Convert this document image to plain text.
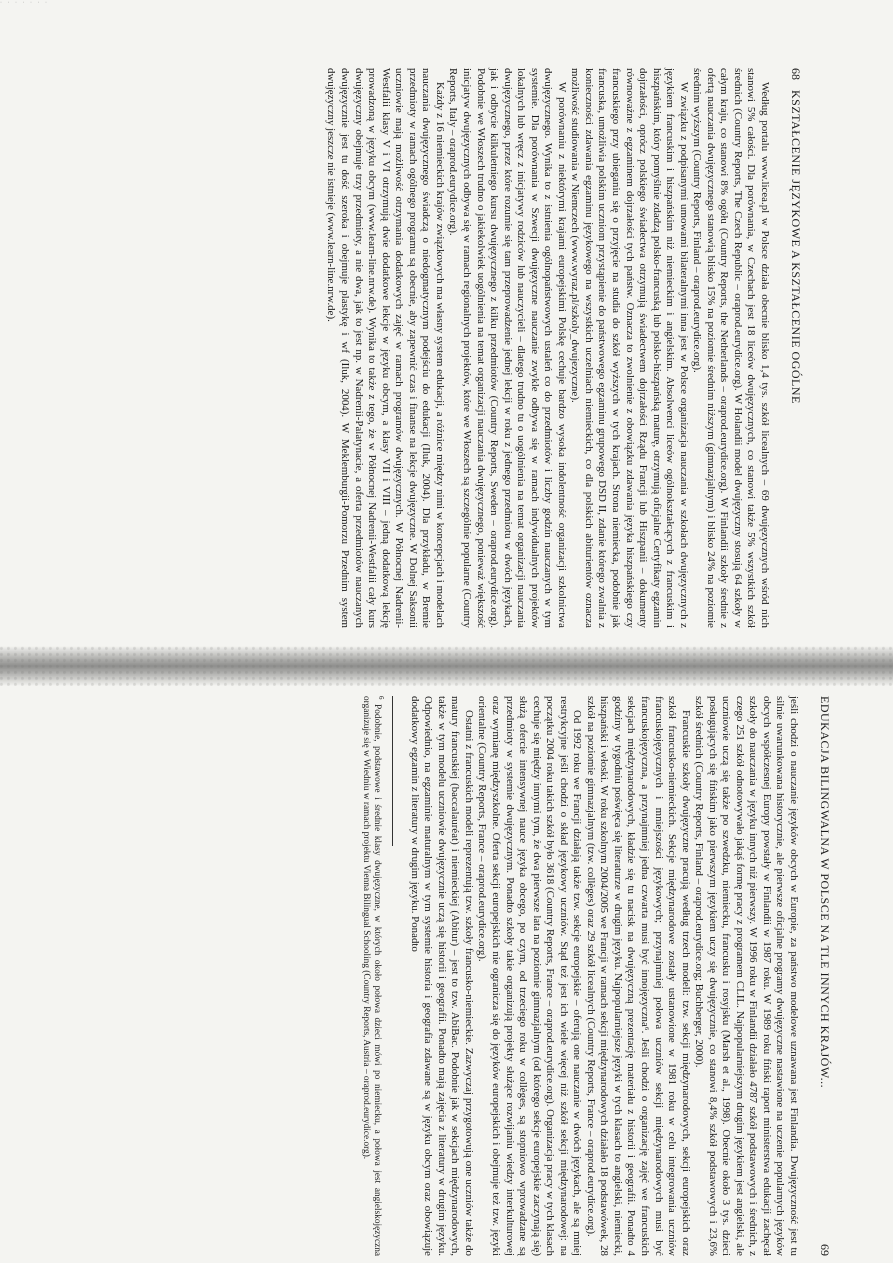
· · · · · · ·
68
KSZTAŁCENIE JĘZYKOWE A KSZTAŁCENIE OGÓLNE

Według portalu www.licea.pl w Polsce działa obecnie blisko 1,4 tys. szkół licealnych – 69 dwujęzycznych wśród nich stanowi 5% całości. Dla porównania, w Czechach jest 18 liceów dwujęzycznych, co stanowi także 5% wszystkich szkół średnich (Country Reports, The Czech Republic – oraprod.eurydice.org). W Holandii model dwujęzyczny stosują 64 szkoły w całym kraju, co stanowi 8% ogółu (Country Reports, the Netherlands – oraprod.eurydice.org). W Finlandii szkoły średnie z ofertą nauczania dwujęzycznego stanowią blisko 15% na poziomie średnim niższym (gimnazjalnym) i blisko 24% na poziomie średnim wyższym (Country Reports, Finland – oraprod.eurydice.org).

W związku z podpisanymi umowami bilateralnymi inna jest w Polsce organizacja nauczania w szkołach dwujęzycznych z językiem francuskim i hiszpańskim niż niemieckim i angielskim. Absolwenci liceów ogólnokształcących z francuskim i hiszpańskim, który pomyślnie zdadzą polsko-francuską lub polsko-hiszpańską maturę, otrzymują oficjalne Certyfikaty egzamin dojrzałości, oprócz polskiego świadectwa otrzymują świadectwem dojrzałości Rządu Francji lub Hiszpanii – dokumenty równoważne z egzaminem dojrzałości tych państw. Oznacza to zwolnienie z obowiązku zdawania języka hiszpańskiego czy francuskiego przy ubieganiu się o przyjęcie na studia do szkół wyższych w tych krajach. Strona niemiecka, podobnie jak francuska, umożliwia polskim uczniom przystąpienie do państwowego egzaminu grupowego DSD II, zdanie którego zwalnia z konieczności zdawania egzaminu językowego na wszystkich uczelniach niemieckich, co dla polskich abiturientów oznacza możliwość studiowania w Niemczech (www.wyraz.pl/szkoly_dwujezyczne).

W porównaniu z niektórymi krajami europejskimi Polskę cechuje bardzo wysoka indolentność organizacji szkolnictwa dwujęzycznego. Wynika to z istnienia ogólnopaństwowych ustaleń co do przedmiotów i liczby godzin nauczanych w tym systemie. Dla porównania w Szwecji dwujęzyczne nauczanie zwykle odbywa się w ramach indywidualnych projektów lokalnych lub wręcz z inicjatywy rodziców lub nauczycieli – dlatego trudno tu o uogólnienia na temat organizacji nauczania dwujęzycznego, przez które rozumie się tam przeprowadzenie jednej lekcji w roku z jednego przedmiotu w dwóch językach, jak i odbycie kilkuletniego kursu dwujęzycznego z kilku przedmiotów (Country Reports, Sweden – oraprod.eurydice.org). Podobnie we Włoszech trudno o jakiekolwiek uogólnienia na temat organizacji nauczania dwujęzycznego, ponieważ większość inicjatyw dwujęzycznych odbywa się w ramach regionalnych projektów, które we Włoszech są szczególnie popularne (Country Reports, Italy – oraprod.eurydice.org).

Każdy z 16 niemieckich krajów związkowych ma własny system edukacji, a różnice między nimi w koncepcjach i modelach nauczania dwujęzycznego świadczą o niedogmatycznym podejściu do edukacji (Iluk, 2004). Dla przykładu, w Bremie przedmioty w ramach ogólnego programu są obecnie, aby zapewnić czas i finanse na lekcje dwujęzyczne. W Dolnej Saksonii uczniowie mają możliwość otrzymania dodatkowych zajęć w ramach programów dwujęzycznych. W Północnej Nadrenii-Westfalii klasy V i VI otrzymują dwie dodatkowe lekcje w języku obcym, a klasy VII i VIII – jedną dodatkową lekcję prowadzoną w języku obcym (www.learn-line.nrw.de). Wynika to także z tego, że w Północnej Nadrenii-Westfalii cały kurs dwujęzyczny obejmuje trzy przedmioty, a nie dwa, jak to jest np. w Nadrenii-Palatynacie, a oferta przedmiotów nauczanych dwujęzycznie jest tu dość szeroka i obejmuje plastykę i wf (Iluk, 2004). W Meklemburgii-Pomorzu Przednim system dwujęzyczny jeszcze nie istnieje (www.learn-line.nrw.de).

EDUKACJA BILINGWALNA W POLSCE NA TLE INNYCH KRAJÓW...
69

jeśli chodzi o nauczanie języków obcych w Europie, za państwo modelowe uznawana jest Finlandia. Dwujęzyczność jest tu silnie uwarunkowana historycznie, ale pierwsze oficjalne programy dwujęzyczne nastawione na uczenie popularnych języków obcych współczesnej Europy powstały w Finlandii w 1987 roku. W 1989 roku fiński raport ministerstwa edukacji zachęcał szkoły do nauczania w języku innych niż pierwszy. W 1996 roku w Finlandii działało 4787 szkół podstawowych i średnich, z czego 251 szkół odnotowywało jakąś formę pracy z programem CLIL. Najpopularniejszym drugim językiem jest angielski, ale uczniowie uczą się także po szwedzku, niemiecku, francusku i rosyjsku (Marsh et al., 1998). Obecnie około 3 tys. dzieci posługujących się fińskim jako pierwszym językiem uczy się dwujęzycznie, co stanowi 8,4% szkół podstawowych i 23,6% szkół średnich (Country Reports, Finland – oraprod.eurydice.org; Buchberger, 2000).

Francuskie szkoły dwujęzyczne pracują według trzech modeli: tzw. sekcji międzynarodowych, sekcji europejskich oraz szkół francusko-niemieckich. Sekcje międzynarodowe zostały ustanowione w 1981 roku w celu integrowania uczniów francuskojęzycznych i mniejszości językowych; przynajmniej połowa uczniów sekcji międzynarodowych musi być francuskojęzyczna, a przynajmniej jedna czwarta musi być innojęzyczna⁶. Jeśli chodzi o organizację zajęć we francuskich sekcjach międzynarodowych, kładzie się tu nacisk na dwujęzyczną prezentację materiału z historii i geografii. Ponadto 4 godziny w tygodniu poświęca się literaturze w drugim języku. Najpopularniejsze języki w tych klasach to angielski, niemiecki, hiszpański i włoski. W roku szkolnym 2004/2005 we Francji w ramach sekcji międzynarodowych działało 18 podstawówek, 28 szkół na poziomie gimnazjalnym (tzw. collèges) oraz 29 szkół licealnych (Country Reports, France – oraprod.eurydice.org).

Od 1992 roku we Francji działają także tzw. sekcje europejskie – oferują one nauczanie w dwóch językach, ale są mniej restrykcyjne jeśli chodzi o skład językowy uczniów. Stąd też jest ich wiele więcej niż szkół sekcji międzynarodowej: na początku 2004 roku takich szkół było 3618 (Country Reports, France – oraprod.eurydice.org). Organizacja pracy w tych klasach cechuje się między innymi tym, że dwa pierwsze lata na poziomie gimnazjalnym (od którego sekcje europejskie zaczynają się) służą ofercie intensywnej nauce języka obcego, po czym, od trzeciego roku w collèges, są stopniowo wprowadzane są przedmioty w systemie dwujęzycznym. Ponadto szkoły takie organizują projekty służące rozwijaniu wiedzy interkulturowej oraz wymianę międzyszkolne. Oferta sekcji europejskich nie ogranicza się do języków europejskich i obejmuje też tzw. języki orientalne (Country Reports, France – oraprod.eurydice.org).

Ostatni z francuskich modeli reprezentują tzw. szkoły francusko-niemieckie. Zazwyczaj przygotowują one uczniów także do matury francuskiej (baccalauréat) i niemieckiej (Abitur) – jest to tzw. AbiBac. Podobnie jak w sekcjach międzynarodowych, także w tym modelu uczniowie dwujęzycznie uczą się historii i geografii. Ponadto mają zajęcia z literatury w drugim języku. Odpowiednio, na egzaminie maturalnym w tym systemie historia i geografia zdawane są w języku obcym oraz obowiązuje dodatkowy egzamin z literatury w drugim języku. Ponadto

$^6$ Podobnie, podstawowe i średnie klasy dwujęzyczne, w których około połowa dzieci mówi po niemiecku, a połowa jest angielskojęzyczna organizuje się w Wiedniu w ramach projektu Vienna Bilingual Schooling (Country Reports, Austria – oraprod.eurydice.org).
